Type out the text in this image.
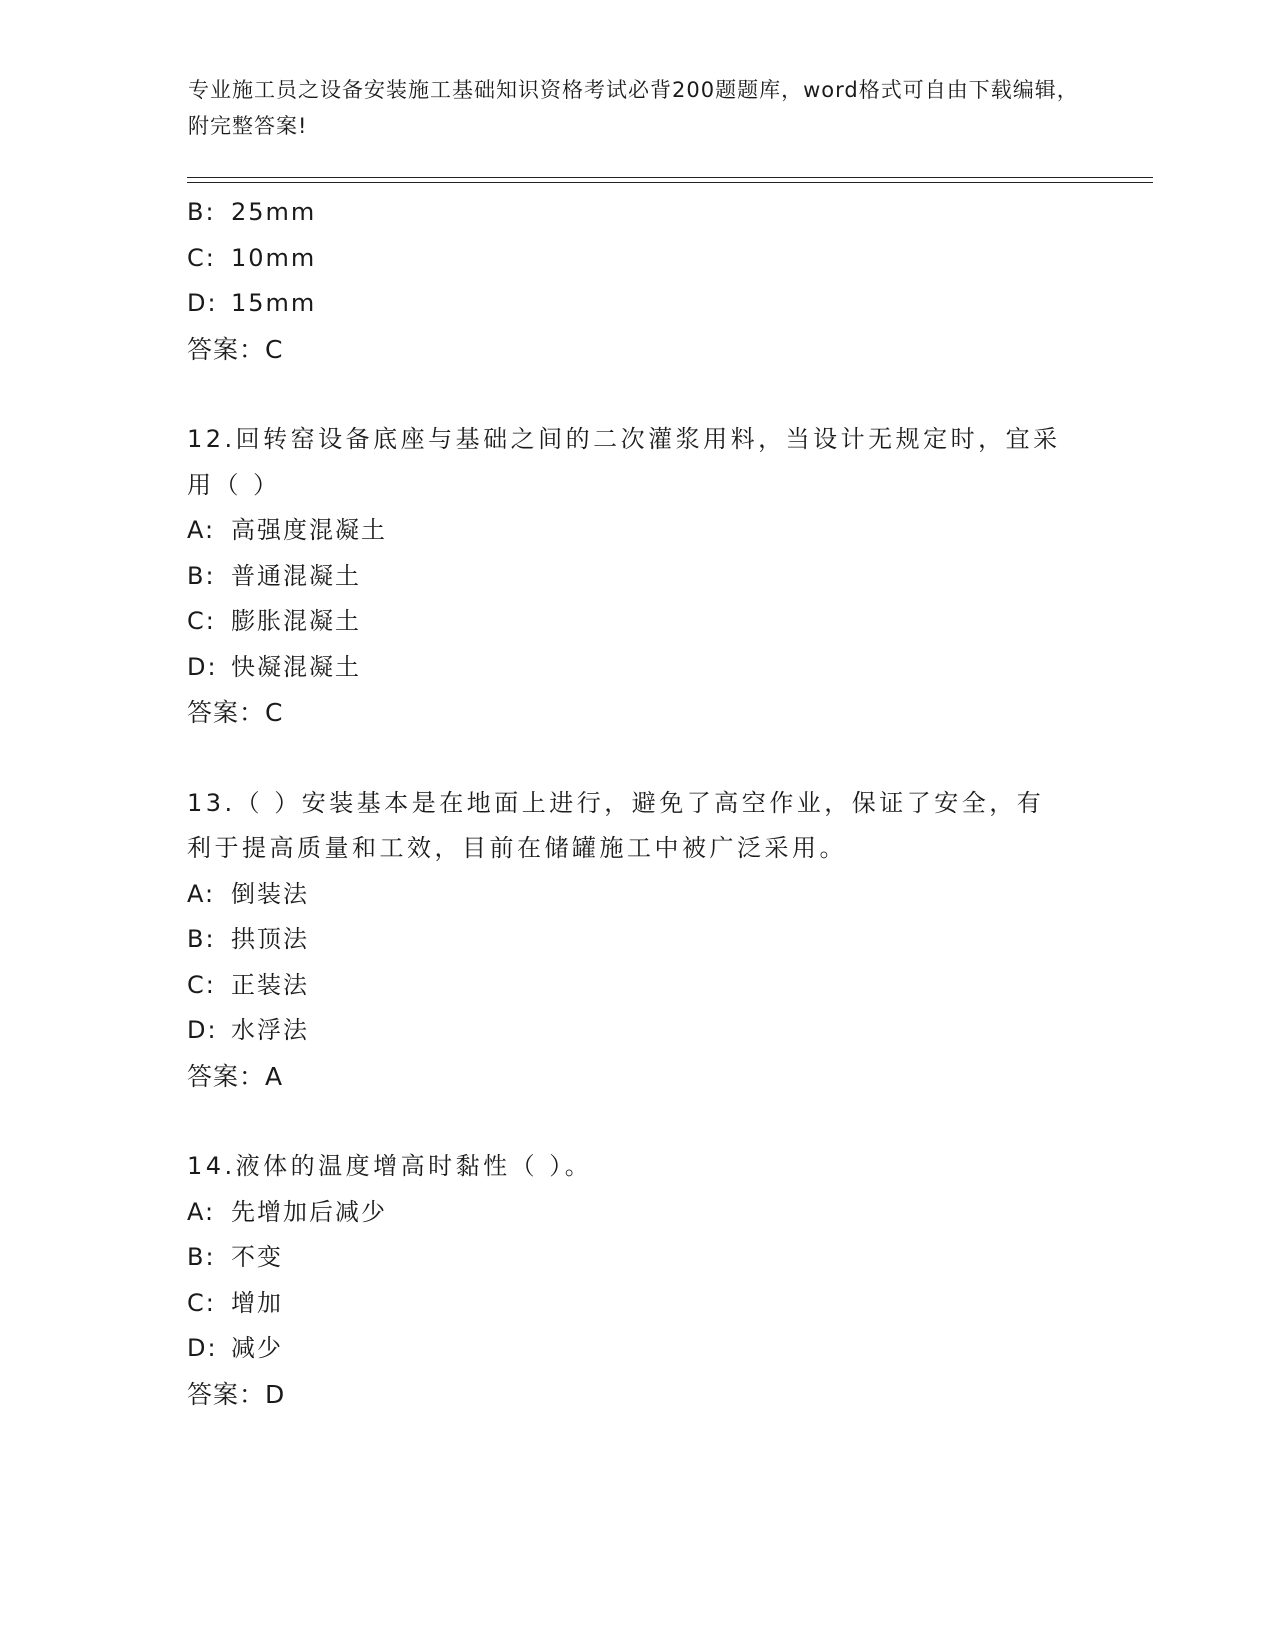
专业施工员之设备安装施工基础知识资格考试必背200题题库，word格式可自由下载编辑，附完整答案!
B: 25mm
C: 10mm
D: 15mm
答案：C
12.回转窑设备底座与基础之间的二次灌浆用料，当设计无规定时，宜采用（ ）
A: 高强度混凝土
B: 普通混凝土
C: 膨胀混凝土
D: 快凝混凝土
答案：C
13.（ ）安装基本是在地面上进行，避免了高空作业，保证了安全，有利于提高质量和工效，目前在储罐施工中被广泛采用。
A: 倒装法
B: 拱顶法
C: 正装法
D: 水浮法
答案：A
14.液体的温度增高时黏性（ ）。
A: 先增加后减少
B: 不变
C: 增加
D: 减少
答案：D
